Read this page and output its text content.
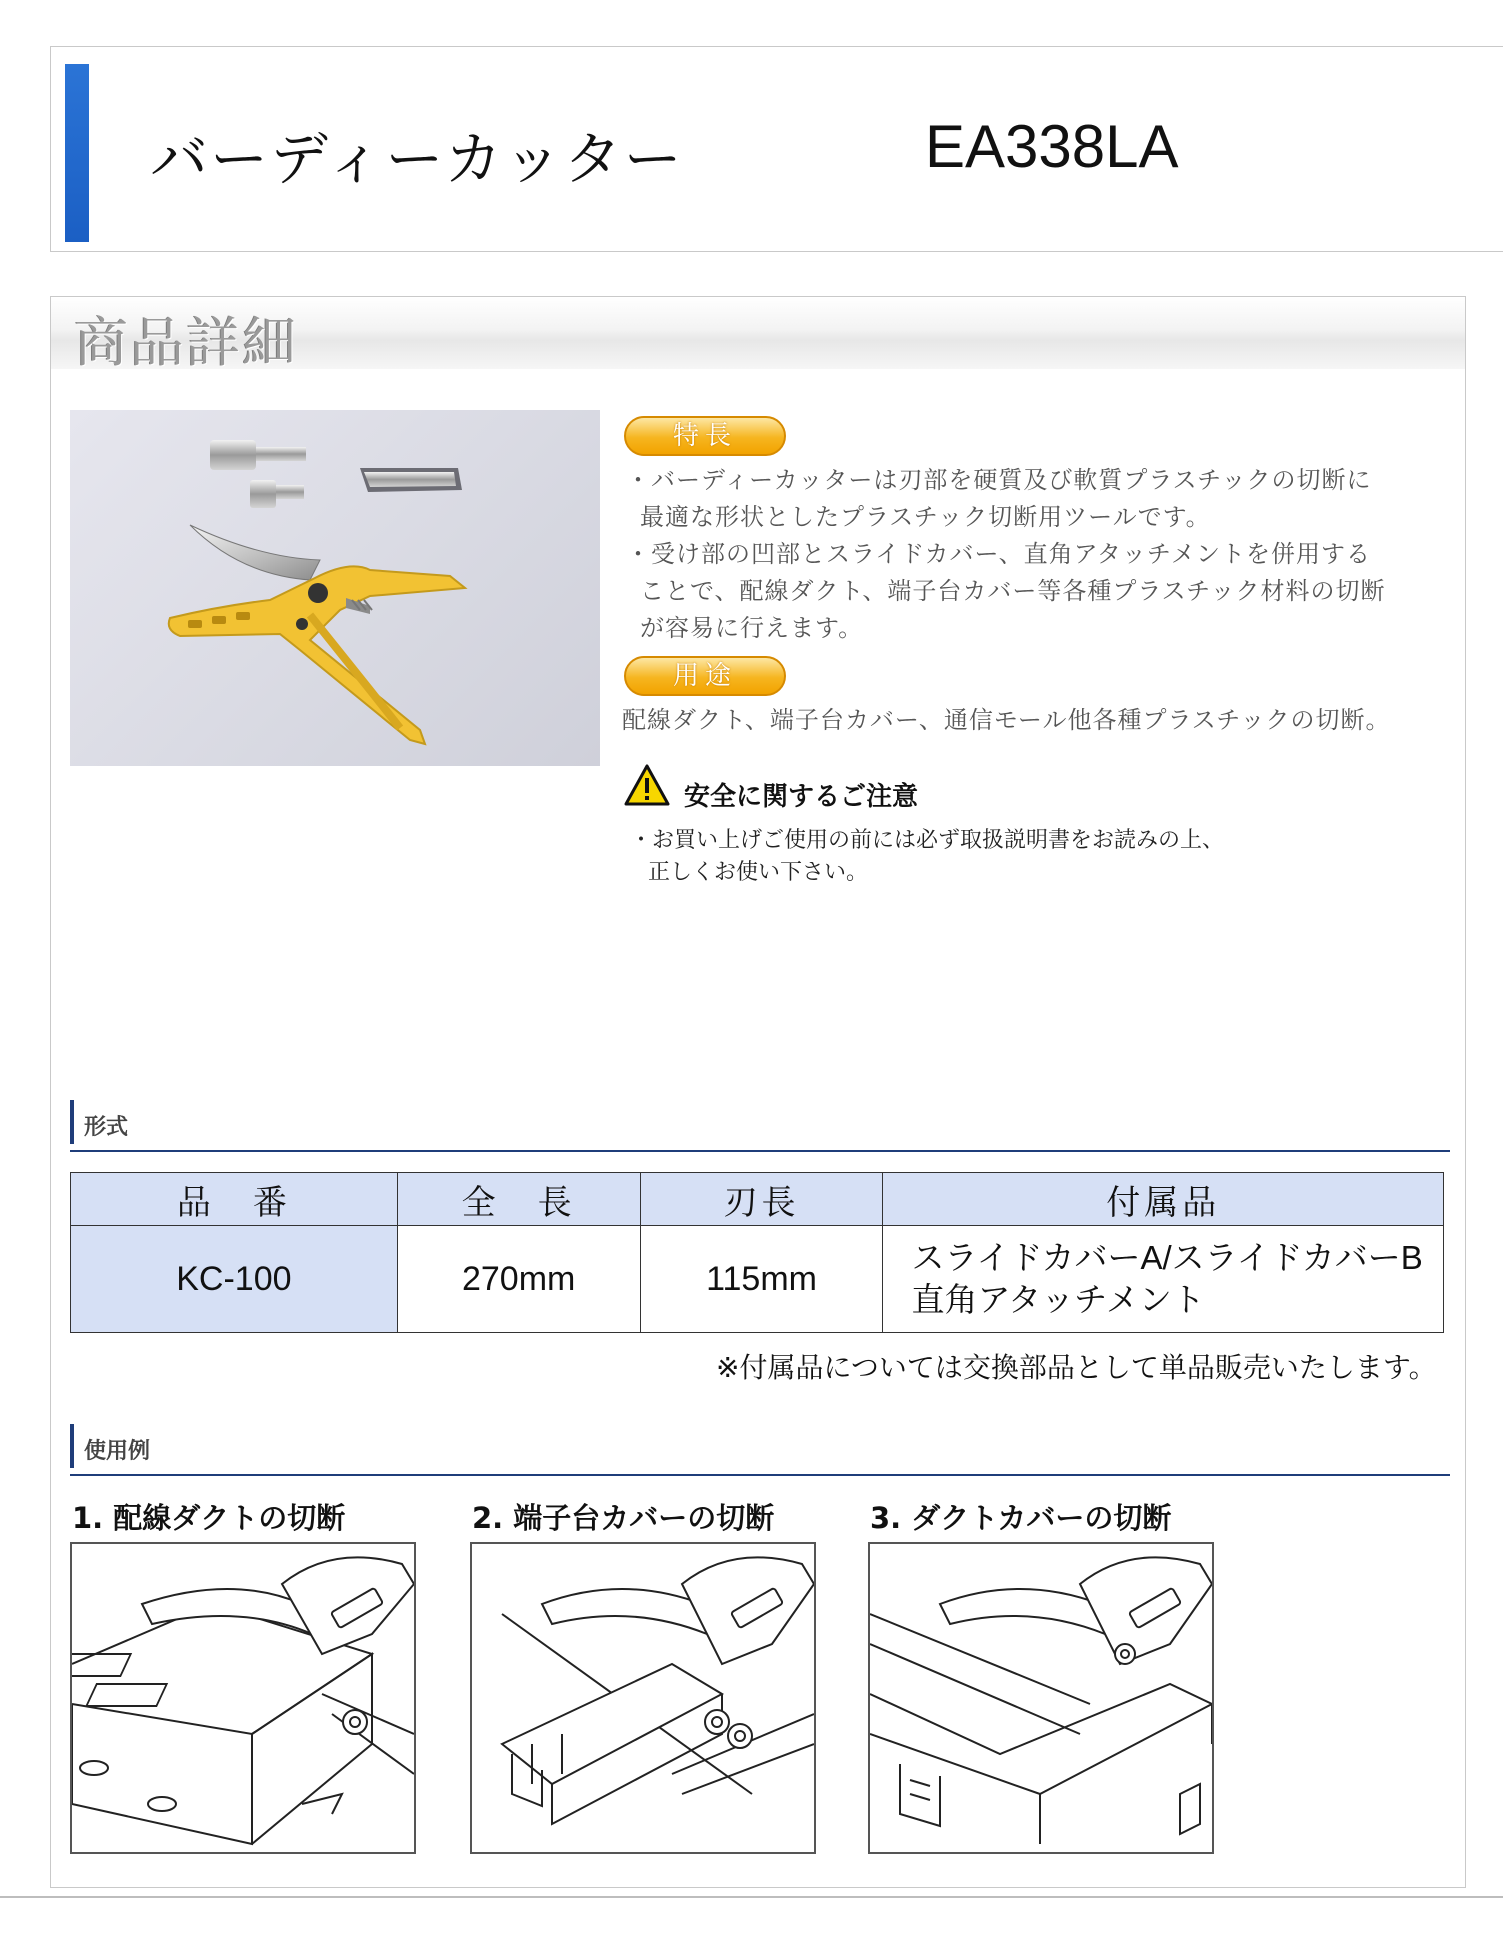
バーディーカッター	EA338LA
商品詳細
特長
・バーディーカッターは刃部を硬質及び軟質プラスチックの切断に
最適な形状としたプラスチック切断用ツールです。
・受け部の凹部とスライドカバー、直角アタッチメントを併用する
ことで、配線ダクト、端子台カバー等各種プラスチック材料の切断
が容易に行えます。
用途
配線ダクト、端子台カバー、通信モール他各種プラスチックの切断。
安全に関するご注意
・お買い上げご使用の前には必ず取扱説明書をお読みの上、
正しくお使い下さい。
形式
品　番	全　長	刃長	付属品
KC-100	270mm	115mm	スライドカバーA/スライドカバーB
直角アタッチメント
※付属品については交換部品として単品販売いたします。
使用例
1. 配線ダクトの切断	2. 端子台カバーの切断	3. ダクトカバーの切断
